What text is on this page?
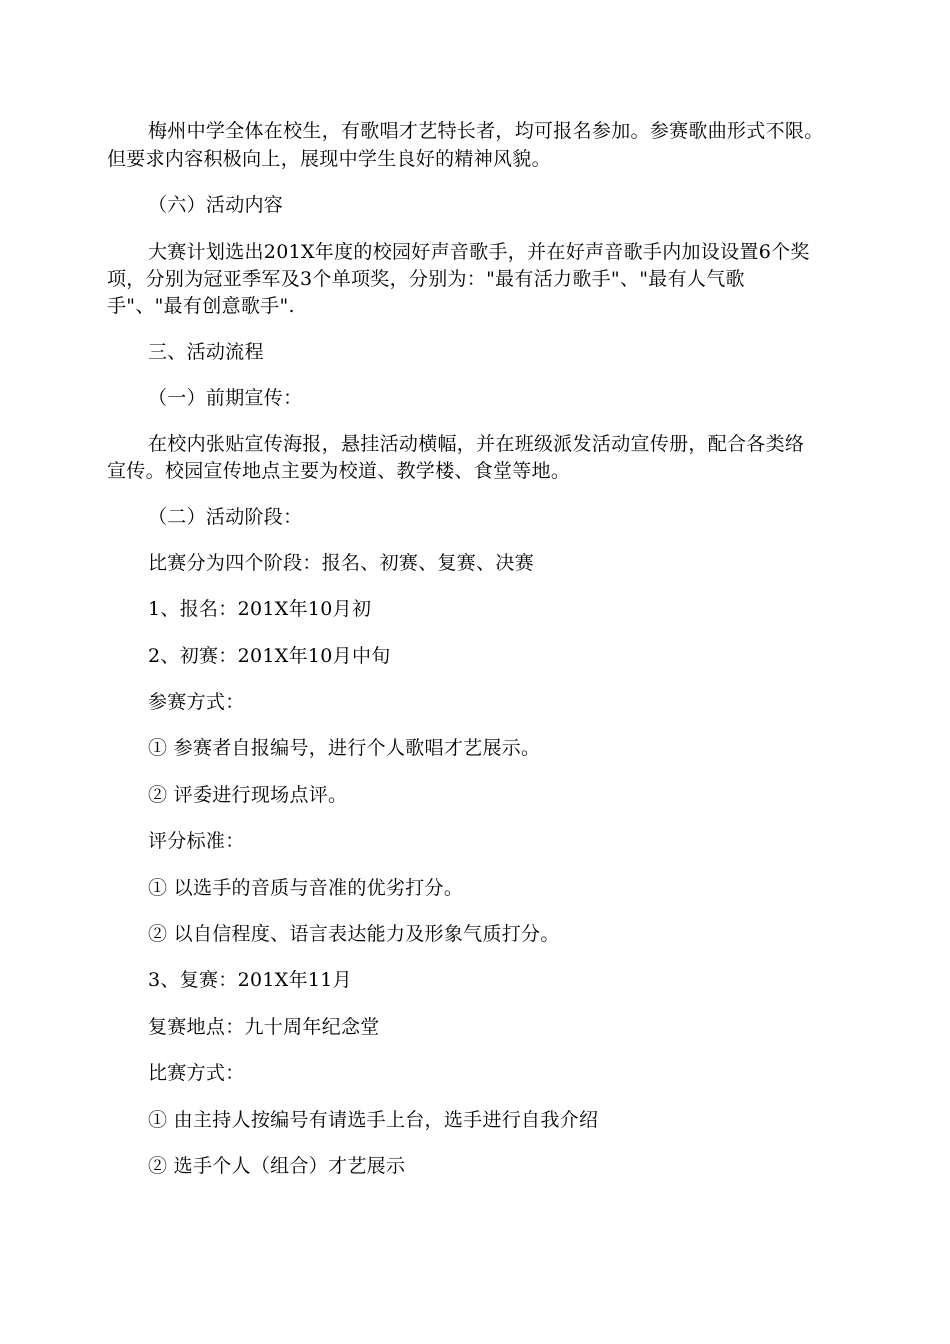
梅州中学全体在校生，有歌唱才艺特长者，均可报名参加。参赛歌曲形式不限。
但要求内容积极向上，展现中学生良好的精神风貌。
（六）活动内容
大赛计划选出201X年度的校园好声音歌手，并在好声音歌手内加设设置6个奖
项，分别为冠亚季军及3个单项奖，分别为："最有活力歌手"、"最有人气歌
手"、"最有创意歌手".
三、活动流程
（一）前期宣传：
在校内张贴宣传海报，悬挂活动横幅，并在班级派发活动宣传册，配合各类络
宣传。校园宣传地点主要为校道、教学楼、食堂等地。
（二）活动阶段：
比赛分为四个阶段：报名、初赛、复赛、决赛
1、报名：201X年10月初
2、初赛：201X年10月中旬
参赛方式：
① 参赛者自报编号，进行个人歌唱才艺展示。
② 评委进行现场点评。
评分标准：
① 以选手的音质与音准的优劣打分。
② 以自信程度、语言表达能力及形象气质打分。
3、复赛：201X年11月
复赛地点：九十周年纪念堂
比赛方式：
① 由主持人按编号有请选手上台，选手进行自我介绍
② 选手个人（组合）才艺展示
